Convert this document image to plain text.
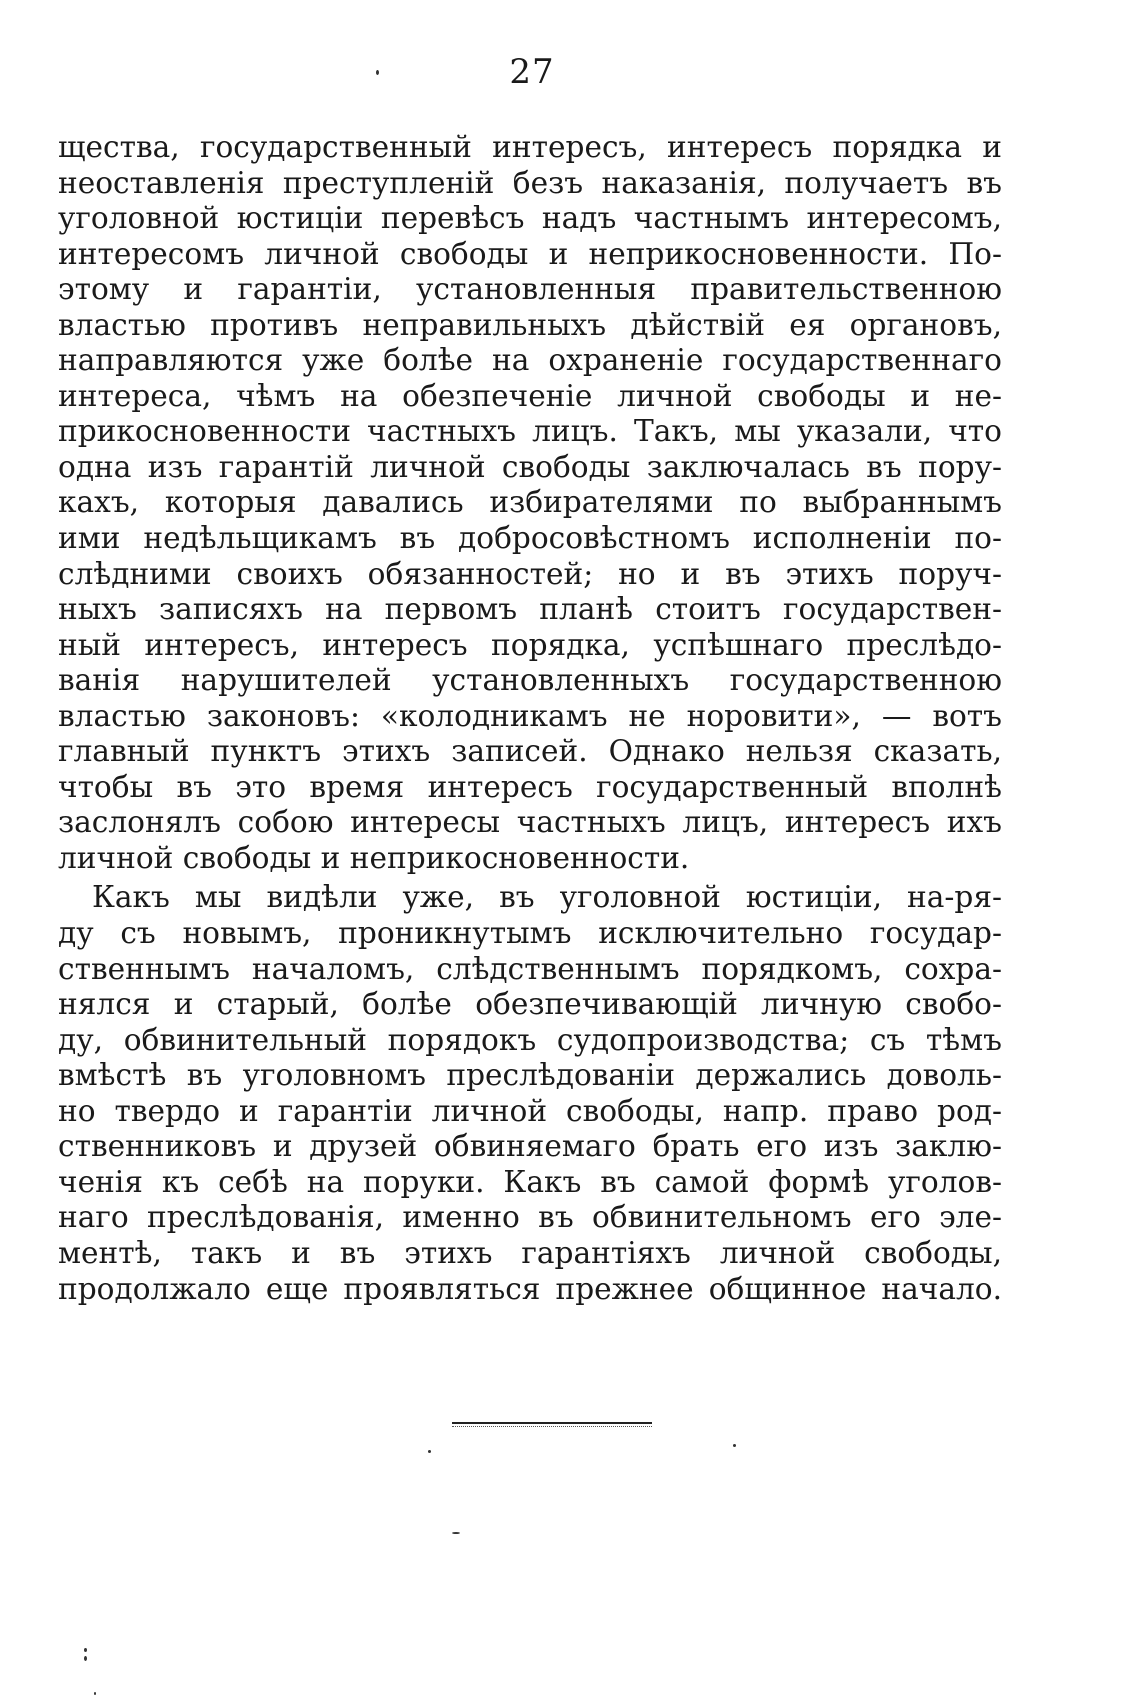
27
щества, государственный интересъ, интересъ порядка и
неоставленія преступленій безъ наказанія, получаетъ въ
уголовной юстиціи перевѣсъ надъ частнымъ интересомъ,
интересомъ личной свободы и неприкосновенности. По-
этому и гарантіи, установленныя правительственною
властью противъ неправильныхъ дѣйствій ея органовъ,
направляются уже болѣе на охраненіе государственнаго
интереса, чѣмъ на обезпеченіе личной свободы и не-
прикосновенности частныхъ лицъ. Такъ, мы указали, что
одна изъ гарантій личной свободы заключалась въ пору-
кахъ, которыя давались избирателями по выбраннымъ
ими недѣльщикамъ въ добросовѣстномъ исполненіи по-
слѣдними своихъ обязанностей; но и въ этихъ поруч-
ныхъ записяхъ на первомъ планѣ стоитъ государствен-
ный интересъ, интересъ порядка, успѣшнаго преслѣдо-
ванія нарушителей установленныхъ государственною
властью законовъ: «колодникамъ не норовити», — вотъ
главный пунктъ этихъ записей. Однако нельзя сказать,
чтобы въ это время интересъ государственный вполнѣ
заслонялъ собою интересы частныхъ лицъ, интересъ ихъ
личной свободы и неприкосновенности.
Какъ мы видѣли уже, въ уголовной юстиціи, на-ря-
ду съ новымъ, проникнутымъ исключительно государ-
ственнымъ началомъ, слѣдственнымъ порядкомъ, сохра-
нялся и старый, болѣе обезпечивающій личную свобо-
ду, обвинительный порядокъ судопроизводства; съ тѣмъ
вмѣстѣ въ уголовномъ преслѣдованіи держались доволь-
но твердо и гарантіи личной свободы, напр. право род-
ственниковъ и друзей обвиняемаго брать его изъ заклю-
ченія къ себѣ на поруки. Какъ въ самой формѣ уголов-
наго преслѣдованія, именно въ обвинительномъ его эле-
ментѣ, такъ и въ этихъ гарантіяхъ личной свободы,
продолжало еще проявляться прежнее общинное начало.
